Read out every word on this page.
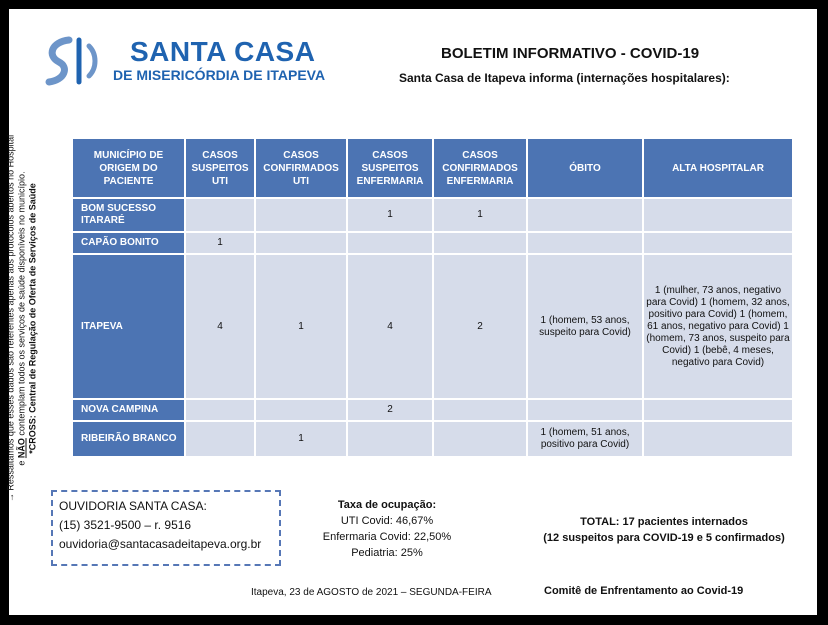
SANTA CASA
DE MISERICÓRDIA DE ITAPEVA
BOLETIM INFORMATIVO - COVID-19
Santa Casa de Itapeva informa (internações hospitalares):
→ Ressaltamos que esses dados são referentes apenas aos protocolos abertos no Hospital e NÃO contemplam todos os serviços de saúde disponíveis no município. *CROSS: Central de Regulação de Oferta de Serviços de Saúde
MUNICÍPIO DE ORIGEM DO PACIENTE	CASOS SUSPEITOS UTI	CASOS CONFIRMADOS UTI	CASOS SUSPEITOS ENFERMARIA	CASOS CONFIRMADOS ENFERMARIA	ÓBITO	ALTA HOSPITALAR
BOM SUCESSO ITARARÉ			1	1		
CAPÃO BONITO	1					
ITAPEVA	4	1	4	2	1 (homem, 53 anos, suspeito para Covid)	1 (mulher, 73 anos, negativo para Covid) 1 (homem, 32 anos, positivo para Covid) 1 (homem, 61 anos, negativo para Covid) 1 (homem, 73 anos, suspeito para Covid) 1 (bebê, 4 meses, negativo para Covid)
NOVA CAMPINA			2			
RIBEIRÃO BRANCO		1			1 (homem, 51 anos, positivo para Covid)	
OUVIDORIA SANTA CASA:
(15) 3521-9500 – r. 9516
ouvidoria@santacasadeitapeva.org.br
Taxa de ocupação:
UTI Covid: 46,67%
Enfermaria Covid: 22,50%
Pediatria: 25%
TOTAL: 17 pacientes internados
(12 suspeitos para COVID-19 e 5 confirmados)
Itapeva, 23 de AGOSTO de 2021 – SEGUNDA-FEIRA	Comitê de Enfrentamento ao Covid-19
